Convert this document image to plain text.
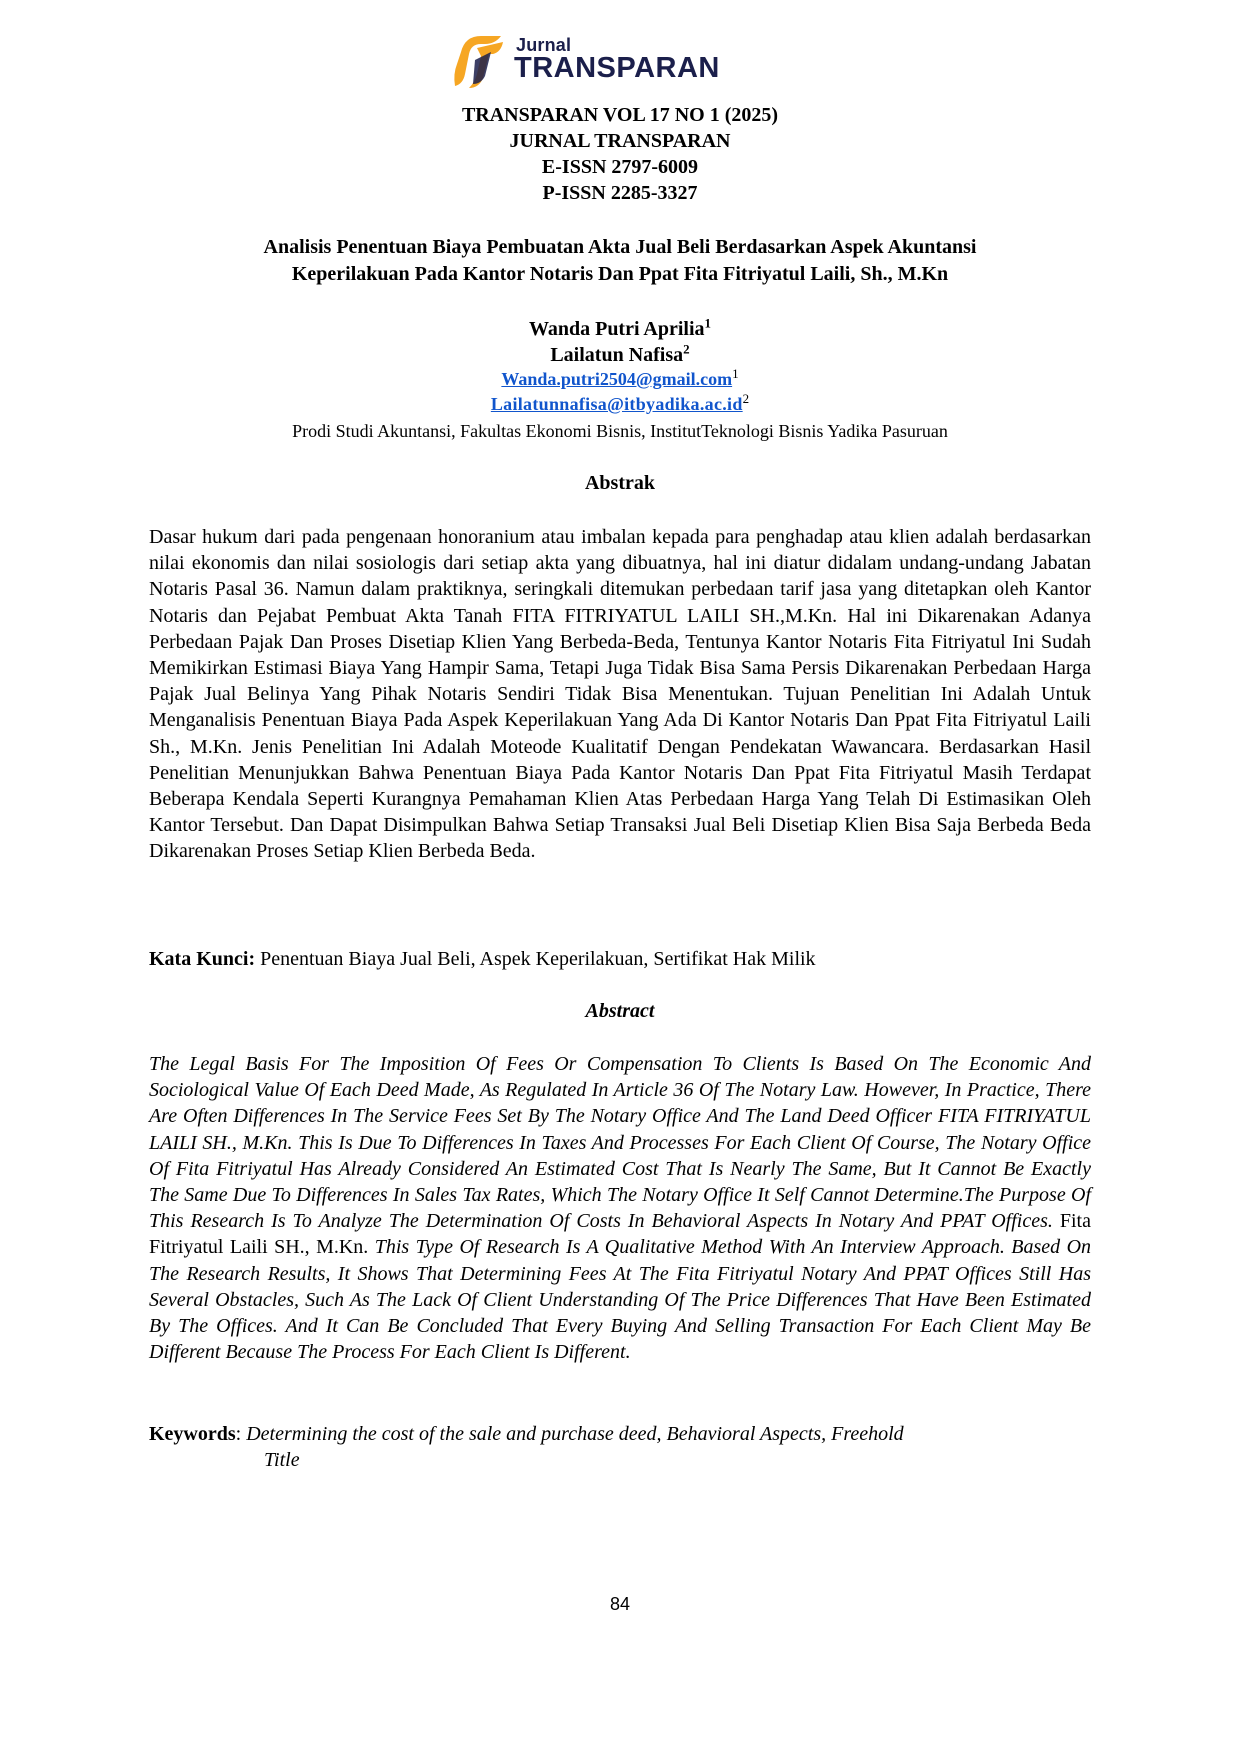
Jurnal
TRANSPARAN
TRANSPARAN VOL 17 NO 1 (2025)
JURNAL TRANSPARAN
E-ISSN 2797-6009
P-ISSN 2285-3327
Analisis Penentuan Biaya Pembuatan Akta Jual Beli Berdasarkan Aspek Akuntansi
Keperilakuan Pada Kantor Notaris Dan Ppat Fita Fitriyatul Laili, Sh., M.Kn
Wanda Putri Aprilia$^1$
Lailatun Nafisa$^2$
Wanda.putri2504@gmail.com$^1$
$Lailatunnafisa@itbyadika.ac.id^2$
Prodi Studi Akuntansi, Fakultas Ekonomi Bisnis, InstitutTeknologi Bisnis Yadika Pasuruan
Abstrak
Dasar hukum dari pada pengenaan honoranium atau imbalan kepada para penghadap atau klien adalah berdasarkan nilai ekonomis dan nilai sosiologis dari setiap akta yang dibuatnya, hal ini diatur didalam undang-undang Jabatan Notaris Pasal 36. Namun dalam praktiknya, seringkali ditemukan perbedaan tarif jasa yang ditetapkan oleh Kantor Notaris dan Pejabat Pembuat Akta Tanah FITA FITRIYATUL LAILI SH.,M.Kn. Hal ini Dikarenakan Adanya Perbedaan Pajak Dan Proses Disetiap Klien Yang Berbeda-Beda, Tentunya Kantor Notaris Fita Fitriyatul Ini Sudah Memikirkan Estimasi Biaya Yang Hampir Sama, Tetapi Juga Tidak Bisa Sama Persis Dikarenakan Perbedaan Harga Pajak Jual Belinya Yang Pihak Notaris Sendiri Tidak Bisa Menentukan. Tujuan Penelitian Ini Adalah Untuk Menganalisis Penentuan Biaya Pada Aspek Keperilakuan Yang Ada Di Kantor Notaris Dan Ppat Fita Fitriyatul Laili Sh., M.Kn. Jenis Penelitian Ini Adalah Moteode Kualitatif Dengan Pendekatan Wawancara. Berdasarkan Hasil Penelitian Menunjukkan Bahwa Penentuan Biaya Pada Kantor Notaris Dan Ppat Fita Fitriyatul Masih Terdapat Beberapa Kendala Seperti Kurangnya Pemahaman Klien Atas Perbedaan Harga Yang Telah Di Estimasikan Oleh Kantor Tersebut. Dan Dapat Disimpulkan Bahwa Setiap Transaksi Jual Beli Disetiap Klien Bisa Saja Berbeda Beda Dikarenakan Proses Setiap Klien Berbeda Beda.
Kata Kunci: Penentuan Biaya Jual Beli, Aspek Keperilakuan, Sertifikat Hak Milik
Abstract
The Legal Basis For The Imposition Of Fees Or Compensation To Clients Is Based On The Economic And Sociological Value Of Each Deed Made, As Regulated In Article 36 Of The Notary Law. However, In Practice, There Are Often Differences In The Service Fees Set By The Notary Office And The Land Deed Officer FITA FITRIYATUL LAILI SH., M.Kn. This Is Due To Differences In Taxes And Processes For Each Client Of Course, The Notary Office Of Fita Fitriyatul Has Already Considered An Estimated Cost That Is Nearly The Same, But It Cannot Be Exactly The Same Due To Differences In Sales Tax Rates, Which The Notary Office It Self Cannot Determine.The Purpose Of This Research Is To Analyze The Determination Of Costs In Behavioral Aspects In Notary And PPAT Offices. Fita Fitriyatul Laili SH., M.Kn. This Type Of Research Is A Qualitative Method With An Interview Approach. Based On The Research Results, It Shows That Determining Fees At The Fita Fitriyatul Notary And PPAT Offices Still Has Several Obstacles, Such As The Lack Of Client Understanding Of The Price Differences That Have Been Estimated By The Offices. And It Can Be Concluded That Every Buying And Selling Transaction For Each Client May Be Different Because The Process For Each Client Is Different.
Keywords: Determining the cost of the sale and purchase deed, Behavioral Aspects, Freehold
Title
84
